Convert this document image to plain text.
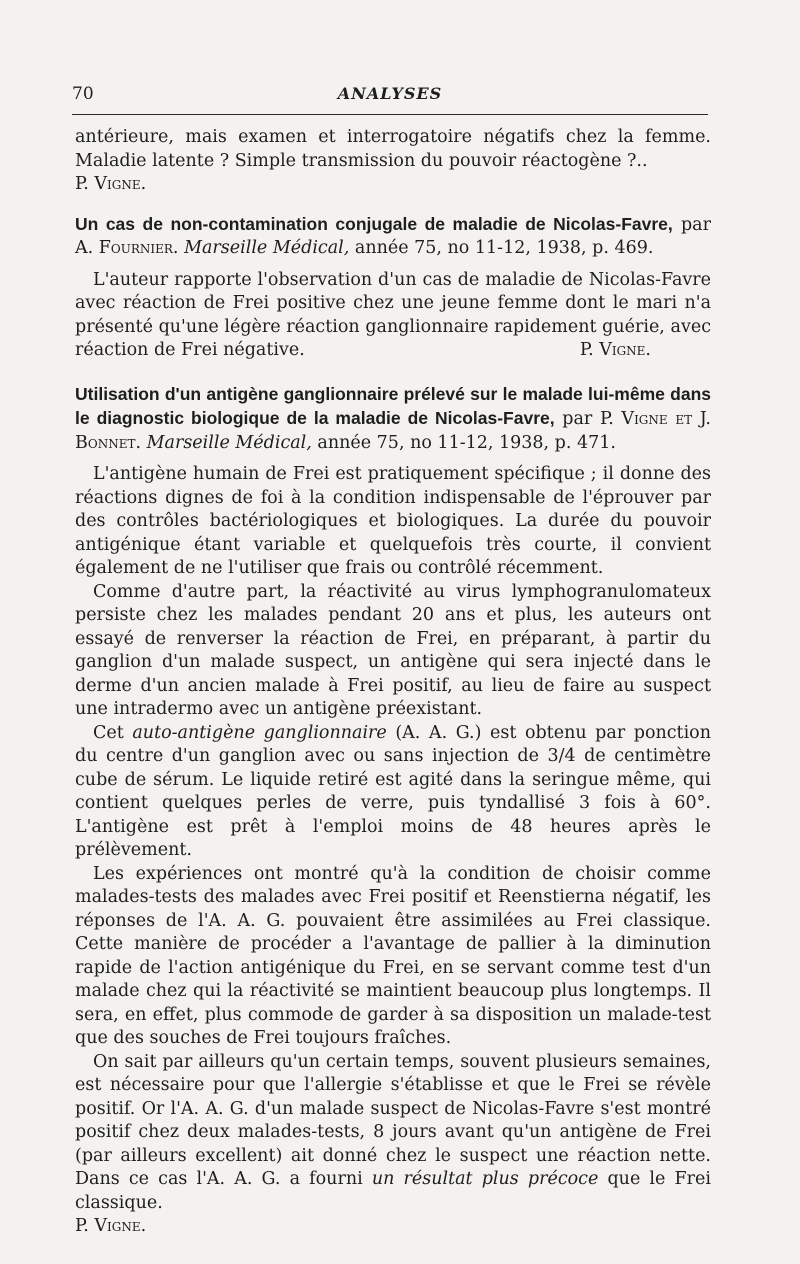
70	ANALYSES

antérieure, mais examen et interrogatoire négatifs chez la femme. Maladie latente ? Simple transmission du pouvoir réactogène ?..

P. Vigne.

Un cas de non-contamination conjugale de maladie de Nicolas-Favre, par A. Fournier. Marseille Médical, année 75, no 11-12, 1938, p. 469.

L'auteur rapporte l'observation d'un cas de maladie de Nicolas-Favre avec réaction de Frei positive chez une jeune femme dont le mari n'a présenté qu'une légère réaction ganglionnaire rapidement guérie, avec réaction de Frei négative.	P. Vigne.

Utilisation d'un antigène ganglionnaire prélevé sur le malade lui-même dans le diagnostic biologique de la maladie de Nicolas-Favre, par P. Vigne et J. Bonnet. Marseille Médical, année 75, no 11-12, 1938, p. 471.

L'antigène humain de Frei est pratiquement spécifique ; il donne des réactions dignes de foi à la condition indispensable de l'éprouver par des contrôles bactériologiques et biologiques. La durée du pouvoir antigénique étant variable et quelquefois très courte, il convient également de ne l'utiliser que frais ou contrôlé récemment.

Comme d'autre part, la réactivité au virus lymphogranulomateux persiste chez les malades pendant 20 ans et plus, les auteurs ont essayé de renverser la réaction de Frei, en préparant, à partir du ganglion d'un malade suspect, un antigène qui sera injecté dans le derme d'un ancien malade à Frei positif, au lieu de faire au suspect une intradermo avec un antigène préexistant.

Cet auto-antigène ganglionnaire (A. A. G.) est obtenu par ponction du centre d'un ganglion avec ou sans injection de 3/4 de centimètre cube de sérum. Le liquide retiré est agité dans la seringue même, qui contient quelques perles de verre, puis tyndallisé 3 fois à 60°. L'antigène est prêt à l'emploi moins de 48 heures après le prélèvement.

Les expériences ont montré qu'à la condition de choisir comme malades-tests des malades avec Frei positif et Reenstierna négatif, les réponses de l'A. A. G. pouvaient être assimilées au Frei classique. Cette manière de procéder a l'avantage de pallier à la diminution rapide de l'action antigénique du Frei, en se servant comme test d'un malade chez qui la réactivité se maintient beaucoup plus longtemps. Il sera, en effet, plus commode de garder à sa disposition un malade-test que des souches de Frei toujours fraîches.

On sait par ailleurs qu'un certain temps, souvent plusieurs semaines, est nécessaire pour que l'allergie s'établisse et que le Frei se révèle positif. Or l'A. A. G. d'un malade suspect de Nicolas-Favre s'est montré positif chez deux malades-tests, 8 jours avant qu'un antigène de Frei (par ailleurs excellent) ait donné chez le suspect une réaction nette. Dans ce cas l'A. A. G. a fourni un résultat plus précoce que le Frei classique.

P. Vigne.
